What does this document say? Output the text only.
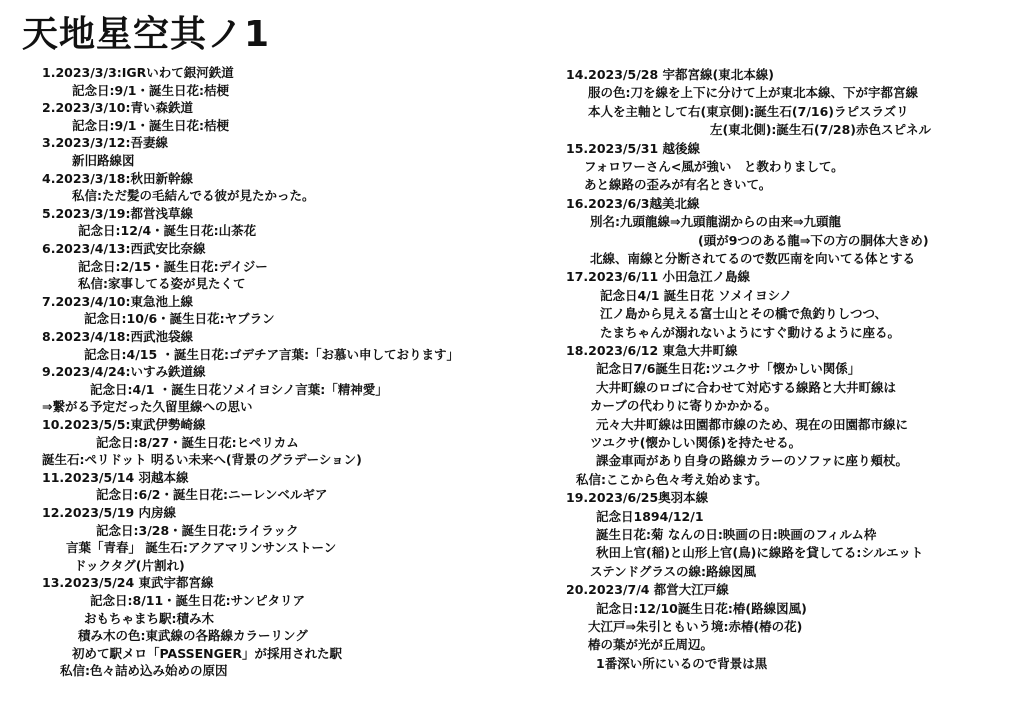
天地星空其ノ1
1.2023/3/3:IGRいわて銀河鉄道
記念日:9/1・誕生日花:桔梗
2.2023/3/10:青い森鉄道
記念日:9/1・誕生日花:桔梗
3.2023/3/12:吾妻線
新旧路線図
4.2023/3/18:秋田新幹線
私信:ただ髪の毛結んでる彼が見たかった。
5.2023/3/19:都営浅草線
記念日:12/4・誕生日花:山茶花
6.2023/4/13:西武安比奈線
記念日:2/15・誕生日花:デイジー
私信:家事してる姿が見たくて
7.2023/4/10:東急池上線
記念日:10/6・誕生日花:ヤブラン
8.2023/4/18:西武池袋線
記念日:4/15 ・誕生日花:ゴデチア言葉:「お慕い申しております」
9.2023/4/24:いすみ鉄道線
記念日:4/1 ・誕生日花ソメイヨシノ言葉:「精神愛」
⇒繋がる予定だった久留里線への思い
10.2023/5/5:東武伊勢崎線
記念日:8/27・誕生日花:ヒペリカム
誕生石:ペリドット 明るい未来へ(背景のグラデーション)
11.2023/5/14 羽越本線
記念日:6/2・誕生日花:ニーレンベルギア
12.2023/5/19 内房線
記念日:3/28・誕生日花:ライラック
言葉「青春」 誕生石:アクアマリンサンストーン
ドックタグ(片割れ)
13.2023/5/24 東武宇都宮線
記念日:8/11・誕生日花:サンピタリア
おもちゃまち駅:積み木
積み木の色:東武線の各路線カラーリング
初めて駅メロ「PASSENGER」が採用された駅
私信:色々詰め込み始めの原因
14.2023/5/28 宇都宮線(東北本線)
服の色:刀を線を上下に分けて上が東北本線、下が宇都宮線
本人を主軸として右(東京側):誕生石(7/16)ラピスラズリ
左(東北側):誕生石(7/28)赤色スピネル
15.2023/5/31 越後線
フォロワーさん<風が強い　と教わりまして。
あと線路の歪みが有名ときいて。
16.2023/6/3越美北線
別名:九頭龍線⇒九頭龍湖からの由来⇒九頭龍
(頭が9つのある龍⇒下の方の胴体大きめ)
北線、南線と分断されてるので数匹南を向いてる体とする
17.2023/6/11 小田急江ノ島線
記念日4/1 誕生日花 ソメイヨシノ
江ノ島から見える富士山とその橋で魚釣りしつつ、
たまちゃんが溺れないようにすぐ動けるように座る。
18.2023/6/12 東急大井町線
記念日7/6誕生日花:ツユクサ「懐かしい関係」
大井町線のロゴに合わせて対応する線路と大井町線は
カーブの代わりに寄りかかかる。
元々大井町線は田園都市線のため、現在の田園都市線に
ツユクサ(懐かしい関係)を持たせる。
課金車両があり自身の路線カラーのソファに座り頬杖。
私信:ここから色々考え始めます。
19.2023/6/25奥羽本線
記念日1894/12/1
誕生日花:菊 なんの日:映画の日:映画のフィルム枠
秋田上官(稲)と山形上官(鳥)に線路を貸してる:シルエット
ステンドグラスの線:路線図風
20.2023/7/4 都営大江戸線
記念日:12/10誕生日花:椿(路線図風)
大江戸⇒朱引ともいう境:赤椿(椿の花)
椿の葉が光が丘周辺。
1番深い所にいるので背景は黒
